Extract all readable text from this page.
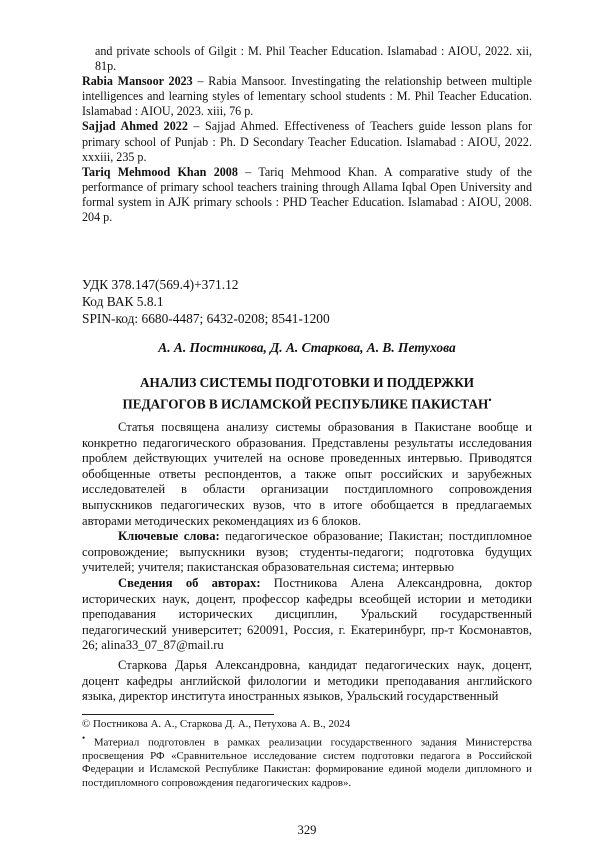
and private schools of Gilgit : M. Phil Teacher Education. Islamabad : AIOU, 2022. xii, 81p.

Rabia Mansoor 2023 – Rabia Mansoor. Investingating the relationship between multiple intelligences and learning styles of lementary school students : M. Phil Teacher Education. Islamabad : AIOU, 2023. xiii, 76 p.

Sajjad Ahmed 2022 – Sajjad Ahmed. Effectiveness of Teachers guide lesson plans for primary school of Punjab : Ph. D Secondary Teacher Education. Islamabad : AIOU, 2022. xxxiii, 235 p.

Tariq Mehmood Khan 2008 – Tariq Mehmood Khan. A comparative study of the performance of primary school teachers training through Allama Iqbal Open University and formal system in AJK primary schools : PHD Teacher Education. Islamabad : AIOU, 2008. 204 p.

УДК 378.147(569.4)+371.12
Код ВАК 5.8.1
SPIN-код: 6680-4487; 6432-0208; 8541-1200
А. А. Постникова, Д. А. Старкова, А. В. Петухова
АНАЛИЗ СИСТЕМЫ ПОДГОТОВКИ И ПОДДЕРЖКИ
ПЕДАГОГОВ В ИСЛАМСКОЙ РЕСПУБЛИКЕ ПАКИСТАН•

Статья посвящена анализу системы образования в Пакистане вообще и конкретно педагогического образования. Представлены результаты исследования проблем действующих учителей на основе проведенных интервью. Приводятся обобщенные ответы респондентов, а также опыт российских и зарубежных исследователей в области организации постдипломного сопровождения выпускников педагогических вузов, что в итоге обобщается в предлагаемых авторами методических рекомендациях из 6 блоков.

Ключевые слова: педагогическое образование; Пакистан; постдипломное сопровождение; выпускники вузов; студенты-педагоги; подготовка будущих учителей; учителя; пакистанская образовательная система; интервью

Сведения об авторах: Постникова Алена Александровна, доктор исторических наук, доцент, профессор кафедры всеобщей истории и методики преподавания исторических дисциплин, Уральский государственный педагогический университет; 620091, Россия, г. Екатеринбург, пр-т Космонавтов, 26; alina33_07_87@mail.ru

Старкова Дарья Александровна, кандидат педагогических наук, доцент, доцент кафедры английской филологии и методики преподавания английского языка, директор института иностранных языков, Уральский государственный

© Постникова А. А., Старкова Д. А., Петухова А. В., 2024

• Материал подготовлен в рамках реализации государственного задания Министерства просвещения РФ «Сравнительное исследование систем подготовки педагога в Российской Федерации и Исламской Республике Пакистан: формирование единой модели дипломного и постдипломного сопровождения педагогических кадров».

329
